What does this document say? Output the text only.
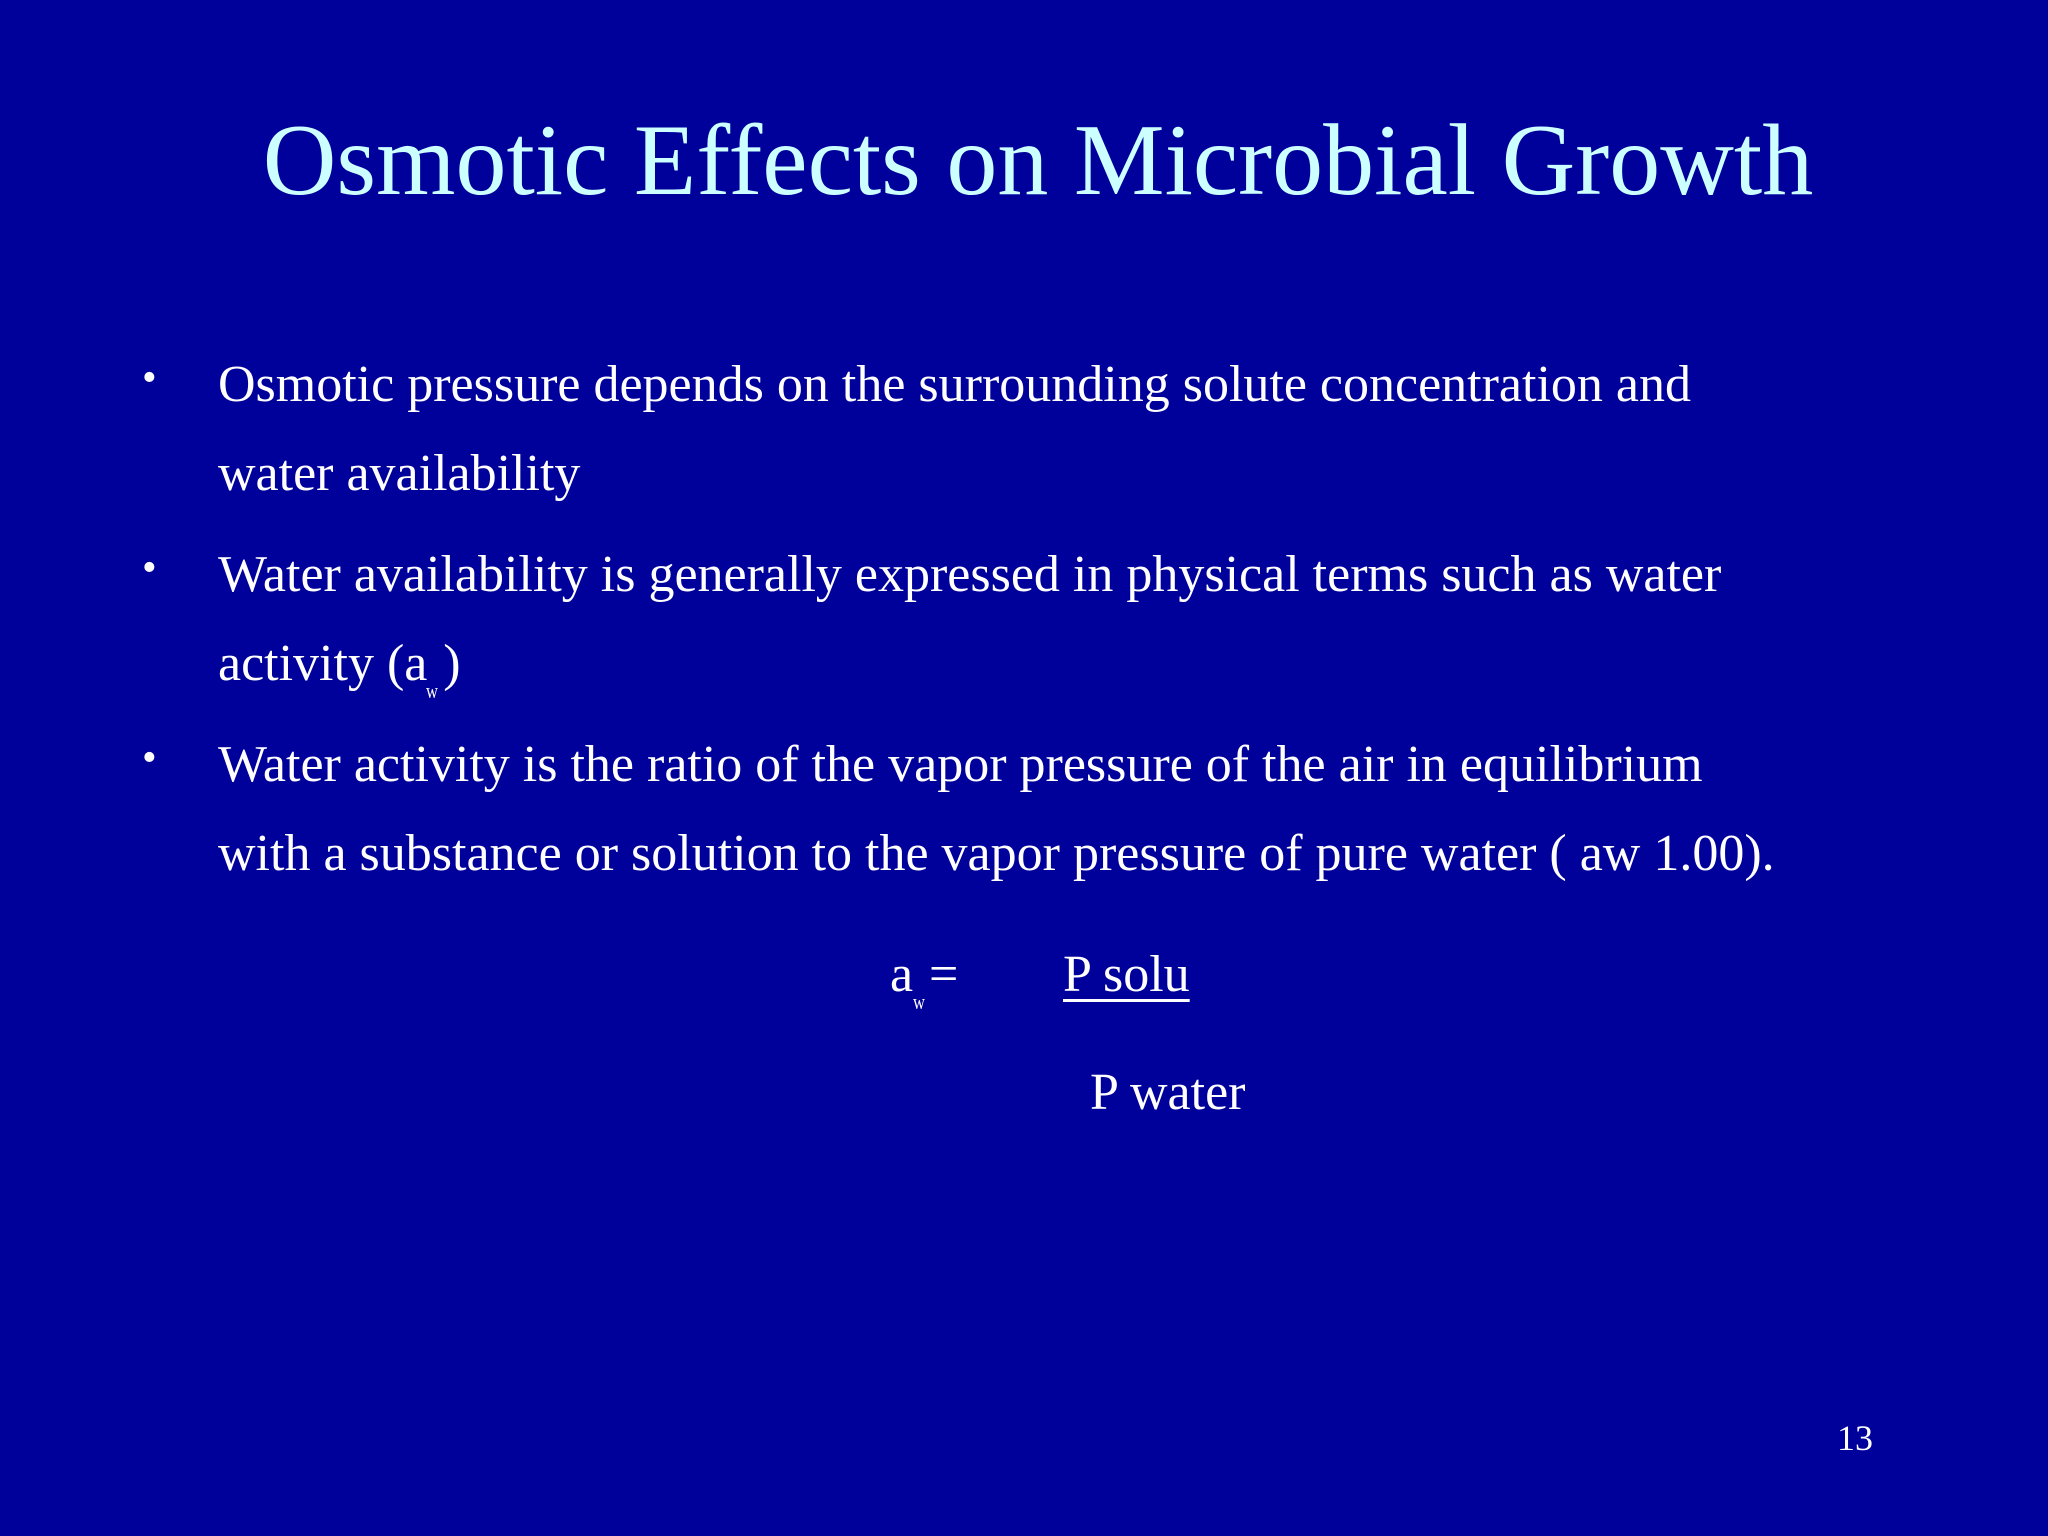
Osmotic Effects on Microbial Growth
• Osmotic pressure depends on the surrounding solute concentration and
water availability
• Water availability is generally expressed in physical terms such as water
activity (aw)
• Water activity is the ratio of the vapor pressure of the air in equilibrium
with a substance or solution to the vapor pressure of pure water ( aw 1.00).
aw= P solu
P water
13
